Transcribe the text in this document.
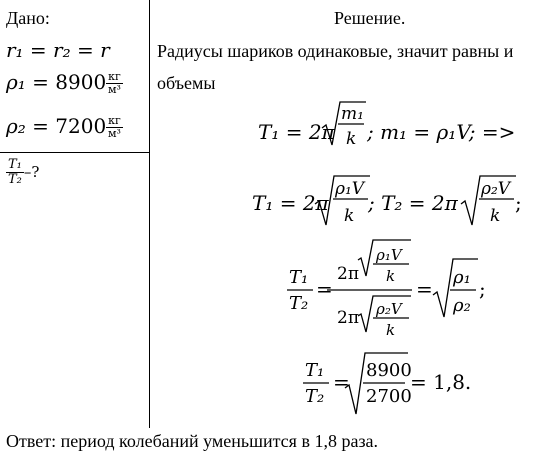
Дано:
r₁ = r₂ = r
$\rho_1 = 8900 \frac{кг}{\text{м³}}$
$\rho_2 = 7200 \frac{кг}{\text{м³}}$
$\frac{\text{T₁}}{\text{T₂}}$ –?
Решение.
Радиусы шариков одинаковые, значит равны и
объемы
T₁ = 2π
m₁
k ; m₁ = ρ₁V; =>
T₁ = 2π
ρ₁V
k
; T₂ = 2π
ρ₂V
k
;
T₁
T₂
=
2π
ρ₁V
k
2π ρ₂V
k
= ρ₁
ρ₂
;
T₁
T₂
= 8900
2700
= 1,8.
Ответ: период колебаний уменьшится в 1,8 раза.
